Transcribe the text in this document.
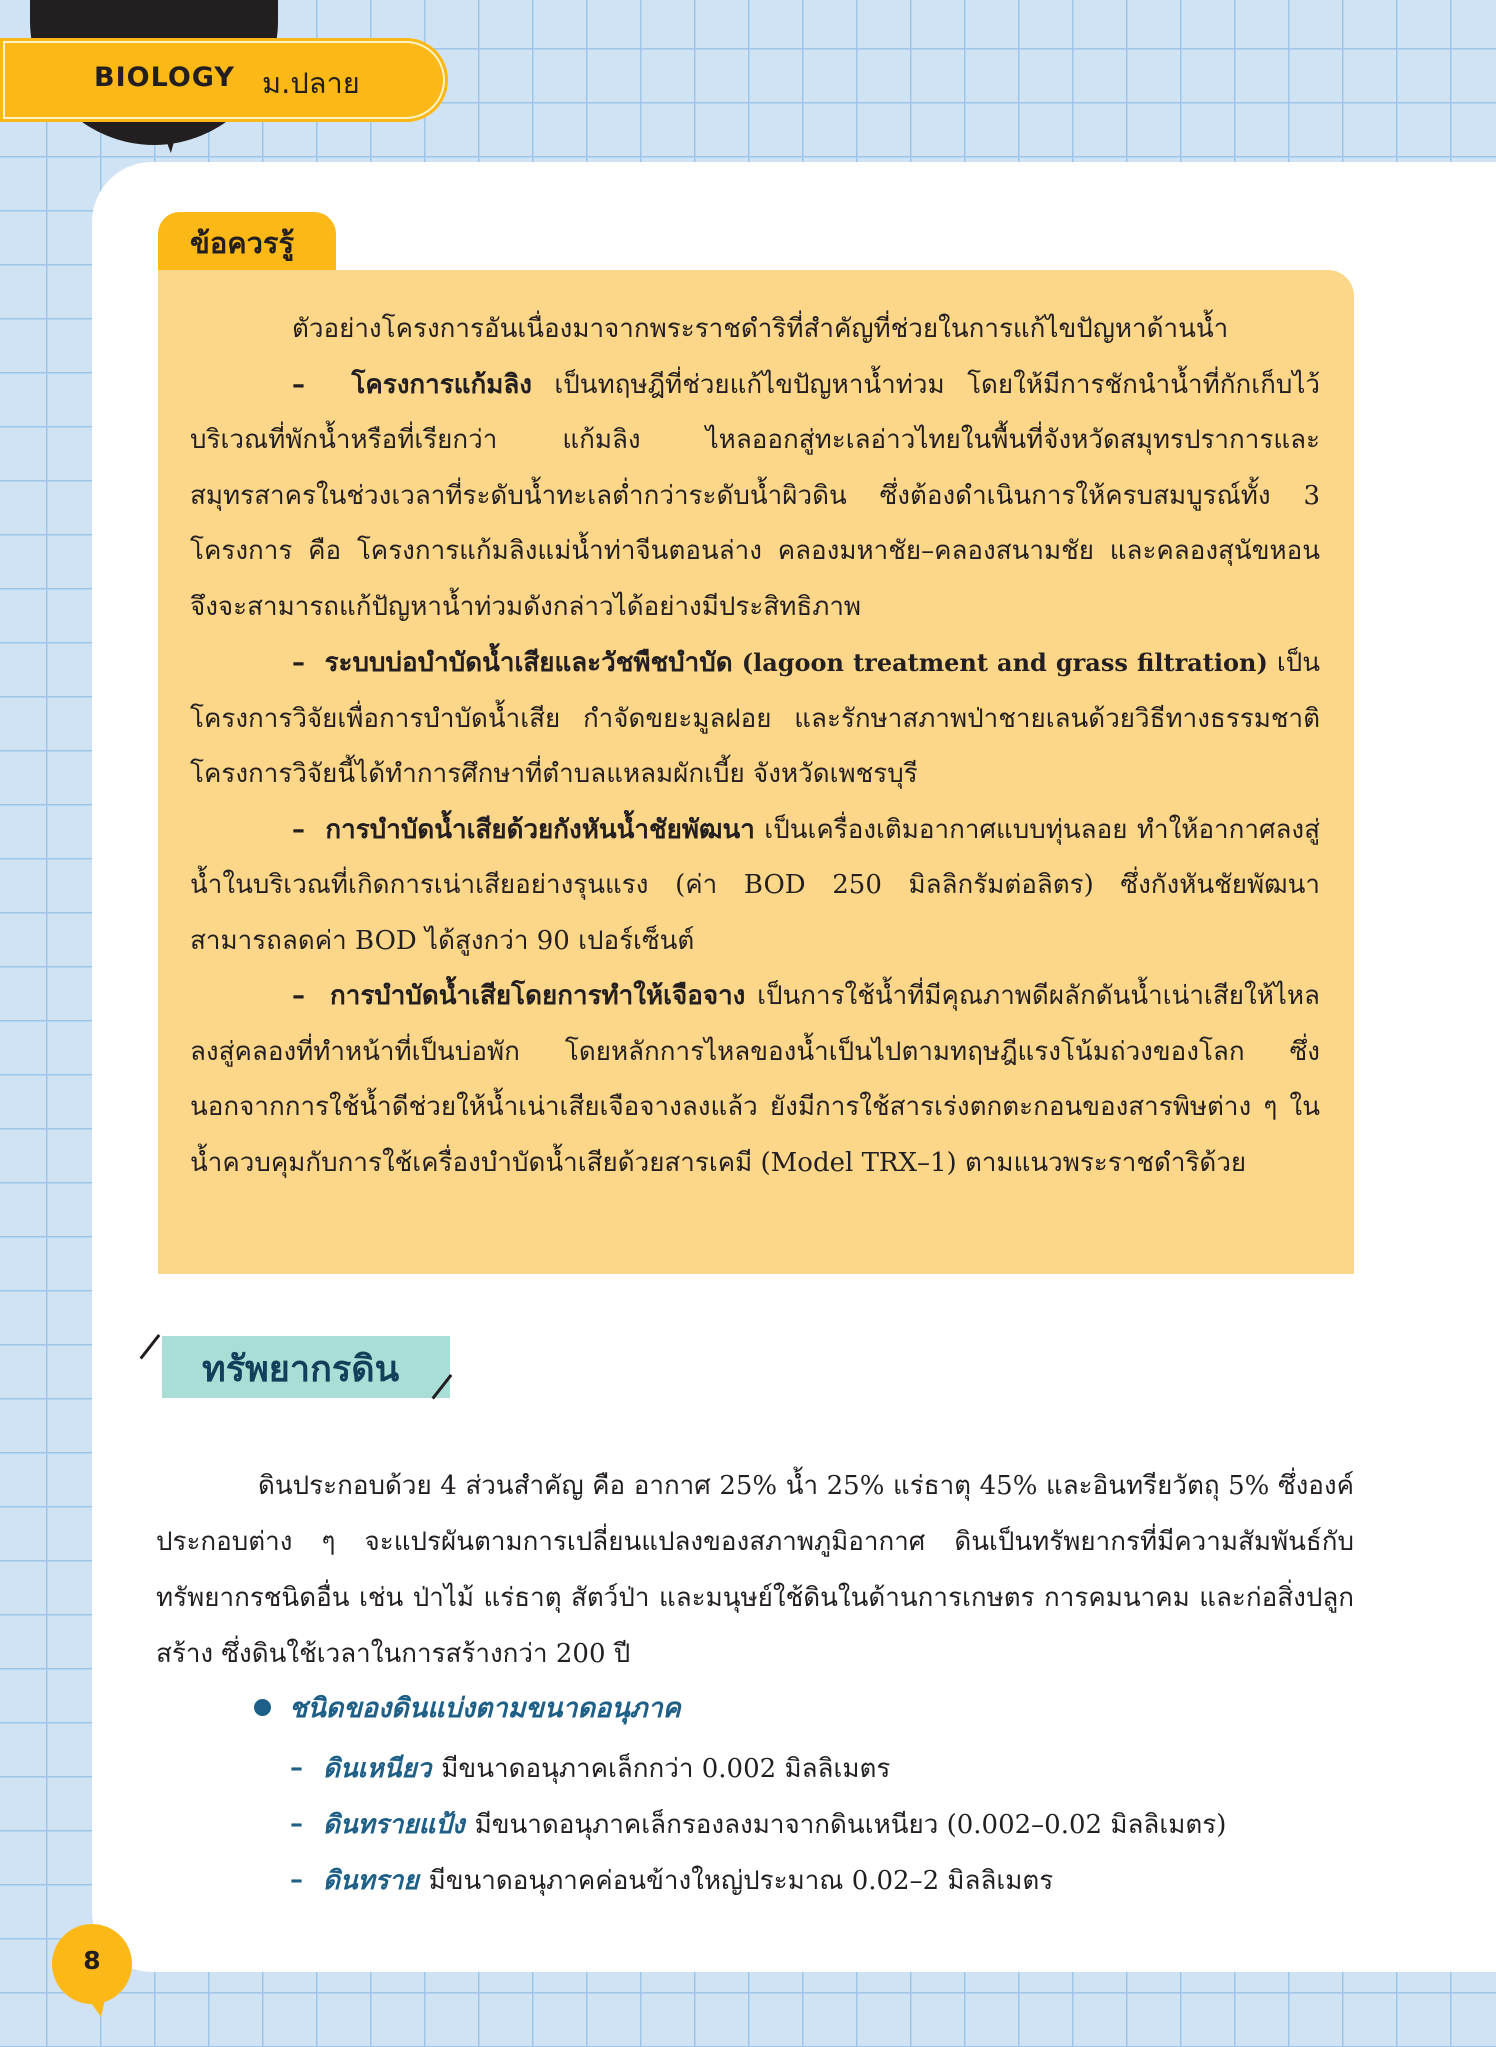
BIOLOGY ม.ปลาย
ข้อควรรู้

ตัวอย่างโครงการอันเนื่องมาจากพระราชดำริที่สำคัญที่ช่วยในการแก้ไขปัญหาด้านน้ำ

– โครงการแก้มลิง เป็นทฤษฎีที่ช่วยแก้ไขปัญหาน้ำท่วม โดยให้มีการชักนำน้ำที่กักเก็บไว้บริเวณที่พักน้ำหรือที่เรียกว่า แก้มลิง ไหลออกสู่ทะเลอ่าวไทยในพื้นที่จังหวัดสมุทรปราการและสมุทรสาครในช่วงเวลาที่ระดับน้ำทะเลต่ำกว่าระดับน้ำผิวดิน ซึ่งต้องดำเนินการให้ครบสมบูรณ์ทั้ง 3 โครงการ คือ โครงการแก้มลิงแม่น้ำท่าจีนตอนล่าง คลองมหาชัย–คลองสนามชัย และคลองสุนัขหอน จึงจะสามารถแก้ปัญหาน้ำท่วมดังกล่าวได้อย่างมีประสิทธิภาพ

– ระบบบ่อบำบัดน้ำเสียและวัชพืชบำบัด (lagoon treatment and grass filtration) เป็นโครงการวิจัยเพื่อการบำบัดน้ำเสีย กำจัดขยะมูลฝอย และรักษาสภาพป่าชายเลนด้วยวิธีทางธรรมชาติ โครงการวิจัยนี้ได้ทำการศึกษาที่ตำบลแหลมผักเบี้ย จังหวัดเพชรบุรี

– การบำบัดน้ำเสียด้วยกังหันน้ำชัยพัฒนา เป็นเครื่องเติมอากาศแบบทุ่นลอย ทำให้อากาศลงสู่น้ำในบริเวณที่เกิดการเน่าเสียอย่างรุนแรง (ค่า BOD 250 มิลลิกรัมต่อลิตร) ซึ่งกังหันชัยพัฒนาสามารถลดค่า BOD ได้สูงกว่า 90 เปอร์เซ็นต์

– การบำบัดน้ำเสียโดยการทำให้เจือจาง เป็นการใช้น้ำที่มีคุณภาพดีผลักดันน้ำเน่าเสียให้ไหลลงสู่คลองที่ทำหน้าที่เป็นบ่อพัก โดยหลักการไหลของน้ำเป็นไปตามทฤษฎีแรงโน้มถ่วงของโลก ซึ่งนอกจากการใช้น้ำดีช่วยให้น้ำเน่าเสียเจือจางลงแล้ว ยังมีการใช้สารเร่งตกตะกอนของสารพิษต่าง ๆ ในน้ำควบคุมกับการใช้เครื่องบำบัดน้ำเสียด้วยสารเคมี (Model TRX–1) ตามแนวพระราชดำริด้วย

ทรัพยากรดิน

ดินประกอบด้วย 4 ส่วนสำคัญ คือ อากาศ 25% น้ำ 25% แร่ธาตุ 45% และอินทรียวัตถุ 5% ซึ่งองค์ประกอบต่าง ๆ จะแปรผันตามการเปลี่ยนแปลงของสภาพภูมิอากาศ ดินเป็นทรัพยากรที่มีความสัมพันธ์กับทรัพยากรชนิดอื่น เช่น ป่าไม้ แร่ธาตุ สัตว์ป่า และมนุษย์ใช้ดินในด้านการเกษตร การคมนาคม และก่อสิ่งปลูกสร้าง ซึ่งดินใช้เวลาในการสร้างกว่า 200 ปี

ชนิดของดินแบ่งตามขนาดอนุภาค
– ดินเหนียว มีขนาดอนุภาคเล็กกว่า 0.002 มิลลิเมตร
– ดินทรายแป้ง มีขนาดอนุภาคเล็กรองลงมาจากดินเหนียว (0.002–0.02 มิลลิเมตร)
– ดินทราย มีขนาดอนุภาคค่อนข้างใหญ่ประมาณ 0.02–2 มิลลิเมตร
8
